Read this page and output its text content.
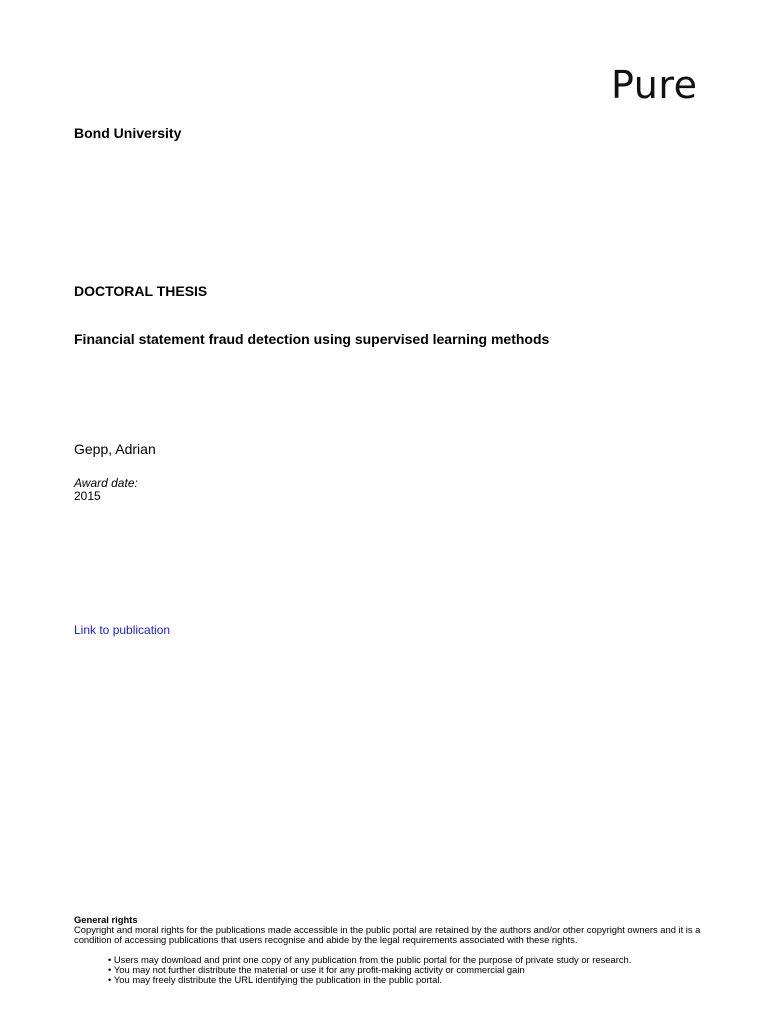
Pure
Bond University
DOCTORAL THESIS
Financial statement fraud detection using supervised learning methods
Gepp, Adrian
Award date:
2015
Link to publication
General rights
Copyright and moral rights for the publications made accessible in the public portal are retained by the authors and/or other copyright owners and it is a condition of accessing publications that users recognise and abide by the legal requirements associated with these rights.
• Users may download and print one copy of any publication from the public portal for the purpose of private study or research.
• You may not further distribute the material or use it for any profit-making activity or commercial gain
• You may freely distribute the URL identifying the publication in the public portal.
